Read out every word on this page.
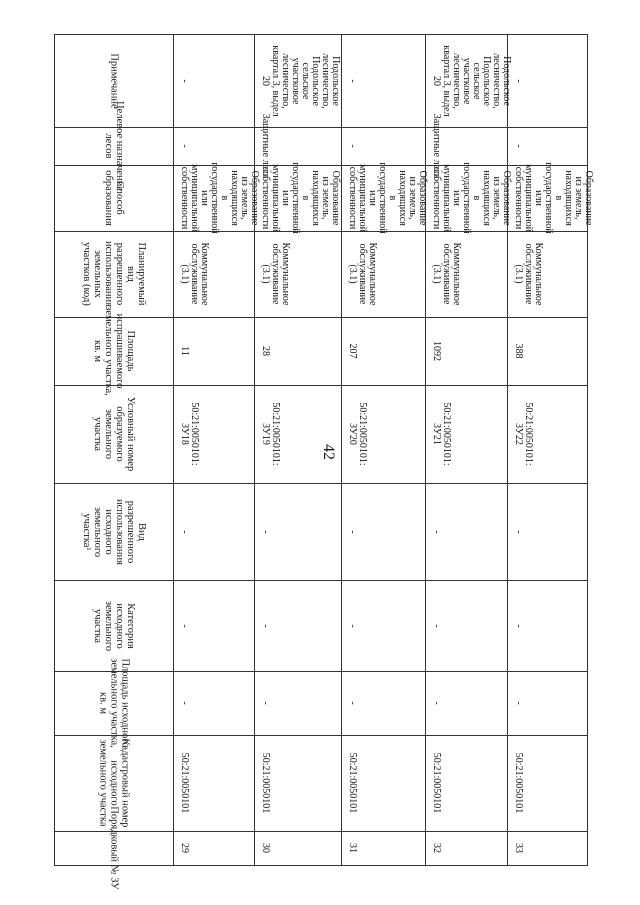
42
Порядковый № ЗУ
Кадастровый номер
исходного
земельного участка
Площадь исходного
земельного участка,
кв. м
Категория
исходного
земельного
участка
Вид
разрешенного
использования
исходного
земельного
участка¹
Условный номер
образуемого
земельного
участка
Площадь
испрашиваемого
земельного участка,
кв. м
Планируемый
вид
разрешенного
использования
земельных
участков (код)
Способ
образования
Целевое назначение
лесов
Примечание
29
50:21:0050101
-
-
-
50:21:0050101:
ЗУ18
11
Коммунальное
обслуживание
(3.1)
Образование
из земель,
находящихся
в
государственной
или
муниципальной
собственности
-
-
30
50:21:0050101
-
-
-
50:21:0050101:
ЗУ19
28
Коммунальное
обслуживание
(3.1)
Образование
из земель,
находящихся
в
государственной
или
муниципальной
собственности
Защитные леса
Подольское
лесничество,
Подольское
сельское
участковое
лесничество,
квартал 3, выдел
20
31
50:21:0050101
-
-
-
50:21:0050101:
ЗУ20
207
Коммунальное
обслуживание
(3.1)
Образование
из земель,
находящихся
в
государственной
или
муниципальной
собственности
-
-
32
50:21:0050101
-
-
-
50:21:0050101:
ЗУ21
1092
Коммунальное
обслуживание
(3.1)
Образование
из земель,
находящихся
в
государственной
или
муниципальной
собственности
Защитные леса
Подольское
лесничество,
Подольское
сельское
участковое
лесничество,
квартал 3, выдел
20
33
50:21:0050101
-
-
-
50:21:0050101:
ЗУ22
388
Коммунальное
обслуживание
(3.1)
Образование
из земель,
находящихся
в
государственной
или
муниципальной
собственности
-
-
